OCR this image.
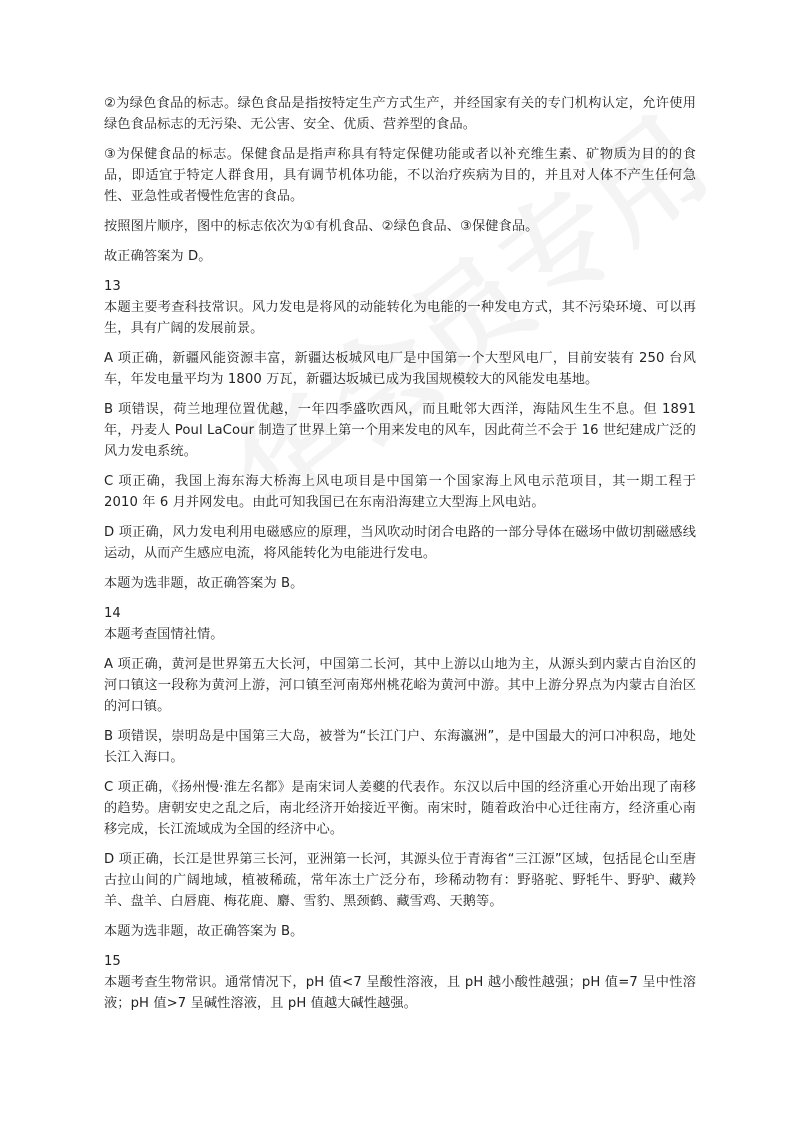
②为绿色食品的标志。绿色食品是指按特定生产方式生产，并经国家有关的专门机构认定，允许使用绿色食品标志的无污染、无公害、安全、优质、营养型的食品。

③为保健食品的标志。保健食品是指声称具有特定保健功能或者以补充维生素、矿物质为目的的食品，即适宜于特定人群食用，具有调节机体功能，不以治疗疾病为目的，并且对人体不产生任何急性、亚急性或者慢性危害的食品。

按照图片顺序，图中的标志依次为①有机食品、②绿色食品、③保健食品。

故正确答案为 D。

13

本题主要考查科技常识。风力发电是将风的动能转化为电能的一种发电方式，其不污染环境、可以再生，具有广阔的发展前景。

A 项正确，新疆风能资源丰富，新疆达板城风电厂是中国第一个大型风电厂，目前安装有 250 台风车，年发电量平均为 1800 万瓦，新疆达坂城已成为我国规模较大的风能发电基地。

B 项错误，荷兰地理位置优越，一年四季盛吹西风，而且毗邻大西洋，海陆风生生不息。但 1891 年，丹麦人 Poul LaCour 制造了世界上第一个用来发电的风车，因此荷兰不会于 16 世纪建成广泛的风力发电系统。

C 项正确，我国上海东海大桥海上风电项目是中国第一个国家海上风电示范项目，其一期工程于 2010 年 6 月并网发电。由此可知我国已在东南沿海建立大型海上风电站。

D 项正确，风力发电利用电磁感应的原理，当风吹动时闭合电路的一部分导体在磁场中做切割磁感线运动，从而产生感应电流，将风能转化为电能进行发电。

本题为选非题，故正确答案为 B。

14

本题考查国情社情。

A 项正确，黄河是世界第五大长河，中国第二长河，其中上游以山地为主，从源头到内蒙古自治区的河口镇这一段称为黄河上游，河口镇至河南郑州桃花峪为黄河中游。其中上游分界点为内蒙古自治区的河口镇。

B 项错误，崇明岛是中国第三大岛，被誉为“长江门户、东海瀛洲”，是中国最大的河口冲积岛，地处长江入海口。

C 项正确，《扬州慢·淮左名都》是南宋词人姜夔的代表作。东汉以后中国的经济重心开始出现了南移的趋势。唐朝安史之乱之后，南北经济开始接近平衡。南宋时，随着政治中心迁往南方，经济重心南移完成，长江流域成为全国的经济中心。

D 项正确，长江是世界第三长河，亚洲第一长河，其源头位于青海省“三江源”区域，包括昆仑山至唐古拉山间的广阔地域，植被稀疏，常年冻土广泛分布，珍稀动物有：野骆驼、野牦牛、野驴、藏羚羊、盘羊、白唇鹿、梅花鹿、麝、雪豹、黑颈鹤、藏雪鸡、天鹅等。

本题为选非题，故正确答案为 B。

15

本题考查生物常识。通常情况下，pH 值<7 呈酸性溶液，且 pH 越小酸性越强；pH 值=7 呈中性溶液；pH 值>7 呈碱性溶液，且 pH 值越大碱性越强。
